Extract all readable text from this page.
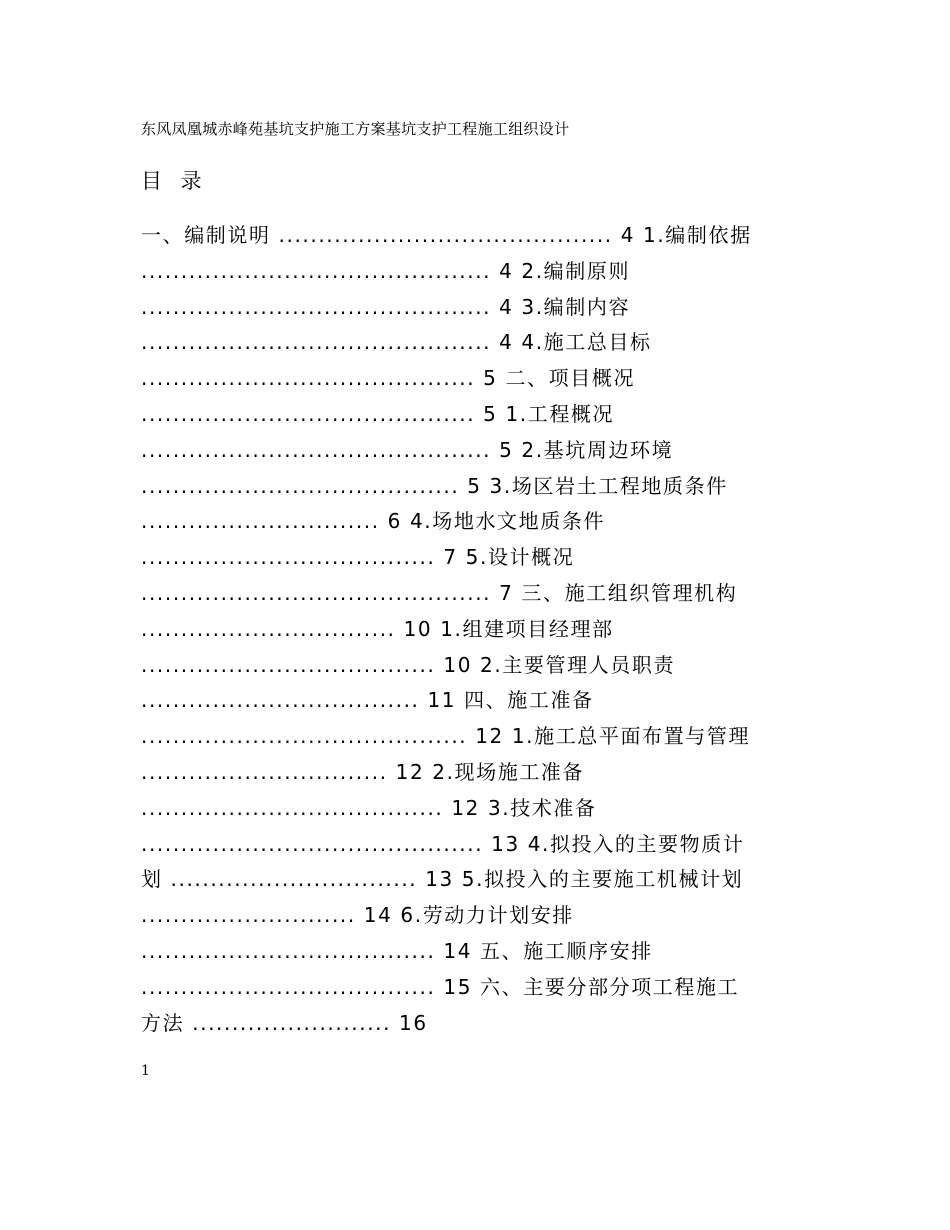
东风凤凰城赤峰苑基坑支护施工方案基坑支护工程施工组织设计
目 录
一、编制说明 .......................................... 4 1.编制依据
............................................ 4 2.编制原则
............................................ 4 3.编制内容
............................................ 4 4.施工总目标
.......................................... 5 二、项目概况
.......................................... 5 1.工程概况
............................................ 5 2.基坑周边环境
........................................ 5 3.场区岩土工程地质条件
.............................. 6 4.场地水文地质条件
..................................... 7 5.设计概况
............................................ 7 三、施工组织管理机构
................................ 10 1.组建项目经理部
..................................... 10 2.主要管理人员职责
................................... 11 四、施工准备
......................................... 12 1.施工总平面布置与管理
............................... 12 2.现场施工准备
...................................... 12 3.技术准备
........................................... 13 4.拟投入的主要物质计
划 ............................... 13 5.拟投入的主要施工机械计划
........................... 14 6.劳动力计划安排
..................................... 14 五、施工顺序安排
..................................... 15 六、主要分部分项工程施工
方法 ......................... 16
1
